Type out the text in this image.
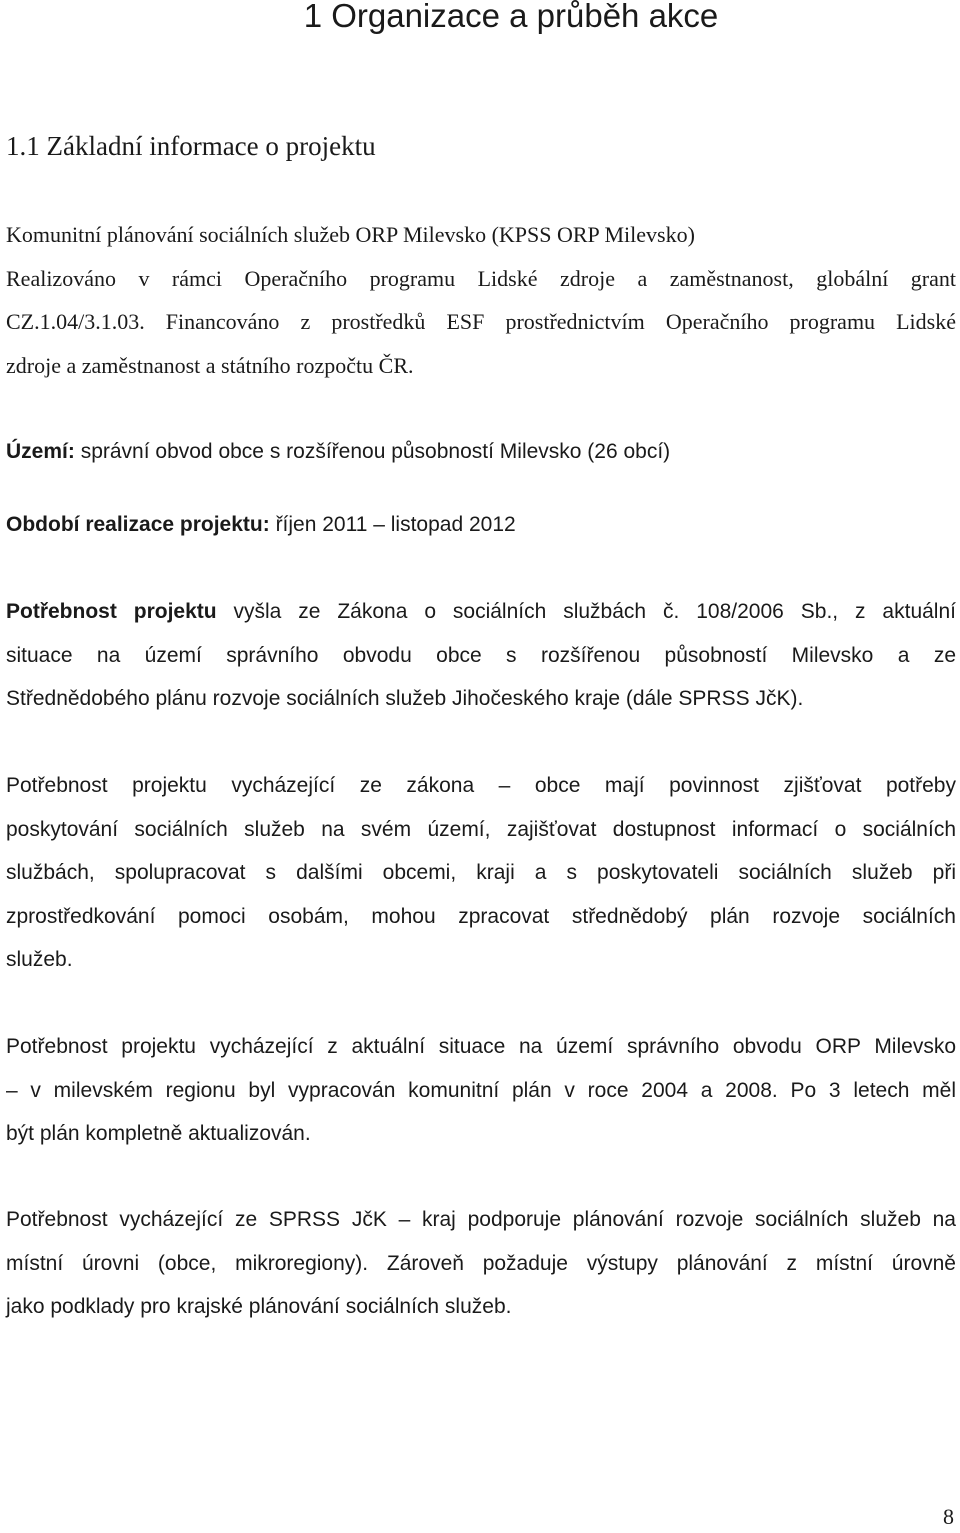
1 Organizace a průběh akce
1.1 Základní informace o projektu
Komunitní plánování sociálních služeb ORP Milevsko (KPSS ORP Milevsko)
Realizováno v rámci Operačního programu Lidské zdroje a zaměstnanost, globální grant
CZ.1.04/3.1.03. Financováno z prostředků ESF prostřednictvím Operačního programu Lidské
zdroje a zaměstnanost a státního rozpočtu ČR.
Území: správní obvod obce s rozšířenou působností Milevsko (26 obcí)
Období realizace projektu: říjen 2011 – listopad 2012
Potřebnost projektu vyšla ze Zákona o sociálních službách č. 108/2006 Sb., z aktuální
situace na území správního obvodu obce s rozšířenou působností Milevsko a ze
Střednědobého plánu rozvoje sociálních služeb Jihočeského kraje (dále SPRSS JčK).
Potřebnost projektu vycházející ze zákona – obce mají povinnost zjišťovat potřeby
poskytování sociálních služeb na svém území, zajišťovat dostupnost informací o sociálních
službách, spolupracovat s dalšími obcemi, kraji a s poskytovateli sociálních služeb při
zprostředkování pomoci osobám, mohou zpracovat střednědobý plán rozvoje sociálních
služeb.
Potřebnost projektu vycházející z aktuální situace na území správního obvodu ORP Milevsko
– v milevském regionu byl vypracován komunitní plán v roce 2004 a 2008. Po 3 letech měl
být plán kompletně aktualizován.
Potřebnost vycházející ze SPRSS JčK – kraj podporuje plánování rozvoje sociálních služeb na
místní úrovni (obce, mikroregiony). Zároveň požaduje výstupy plánování z místní úrovně
jako podklady pro krajské plánování sociálních služeb.
8
